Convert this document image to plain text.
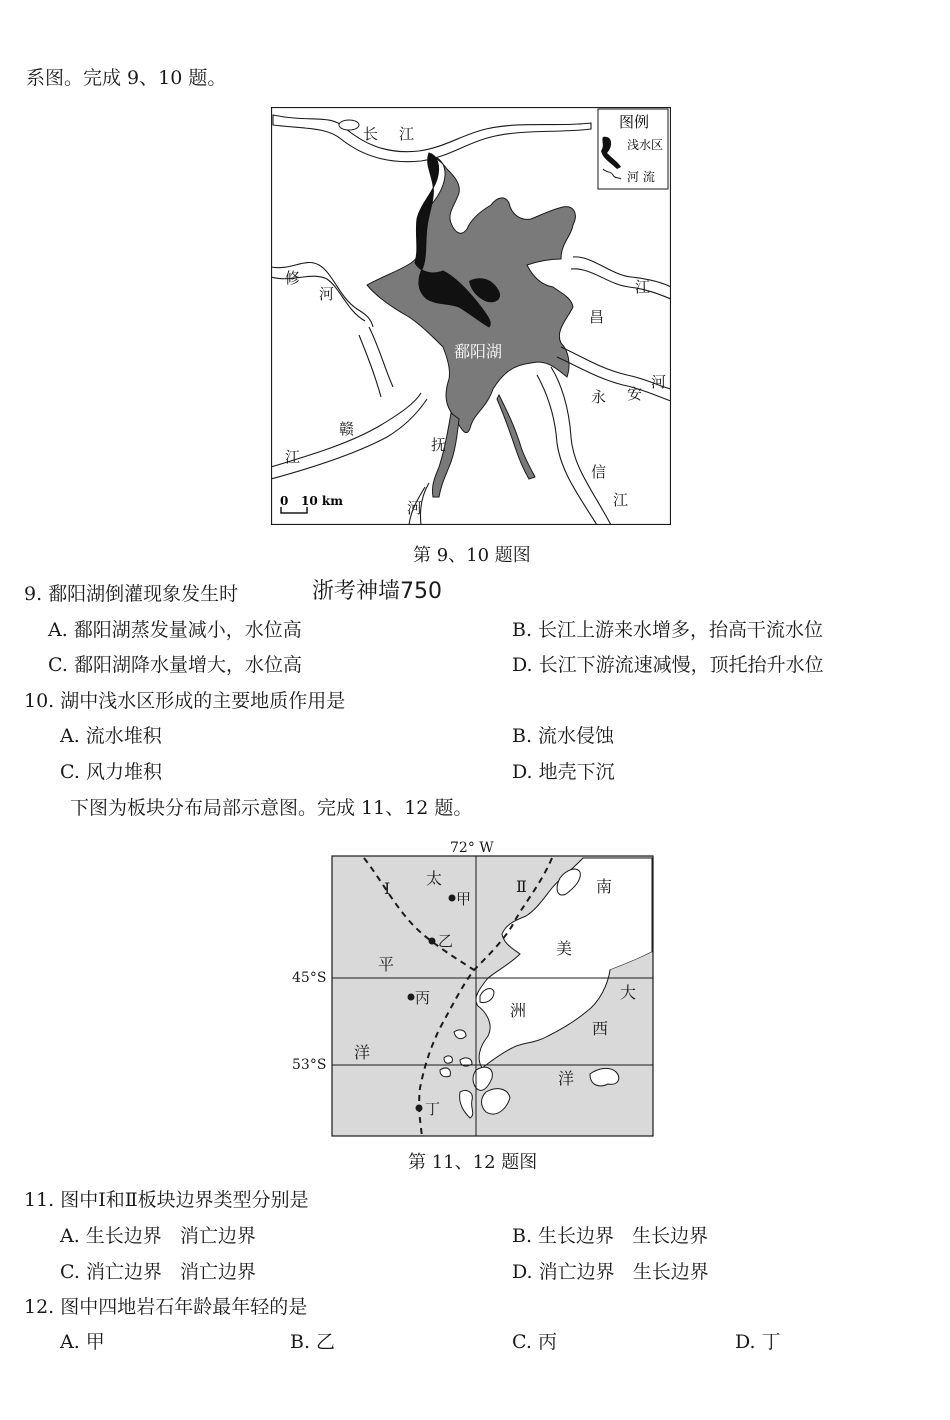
系图。完成 9、10 题。
图例
浅水区
河 流
鄱阳湖
长 江
修
河
赣
江
抚
河
昌
江
永 安
河
信
江
0 10 km
第 9、10 题图
9. 鄱阳湖倒灌现象发生时	浙考神墙750
A. 鄱阳湖蒸发量减小，水位高	B. 长江上游来水增多，抬高干流水位
C. 鄱阳湖降水量增大，水位高	D. 长江下游流速减慢，顶托抬升水位
10. 湖中浅水区形成的主要地质作用是
A. 流水堆积	B. 流水侵蚀
C. 风力堆积	D. 地壳下沉
下图为板块分布局部示意图。完成 11、12 题。
72° W
45°S
53°S
Ⅰ	Ⅱ
太
平
洋
南
美
洲
大
西
洋
甲
乙
丙
丁
第 11、12 题图
11. 图中Ⅰ和Ⅱ板块边界类型分别是
A. 生长边界   消亡边界	B. 生长边界   生长边界
C. 消亡边界   消亡边界	D. 消亡边界   生长边界
12. 图中四地岩石年龄最年轻的是
A. 甲	B. 乙	C. 丙	D. 丁
